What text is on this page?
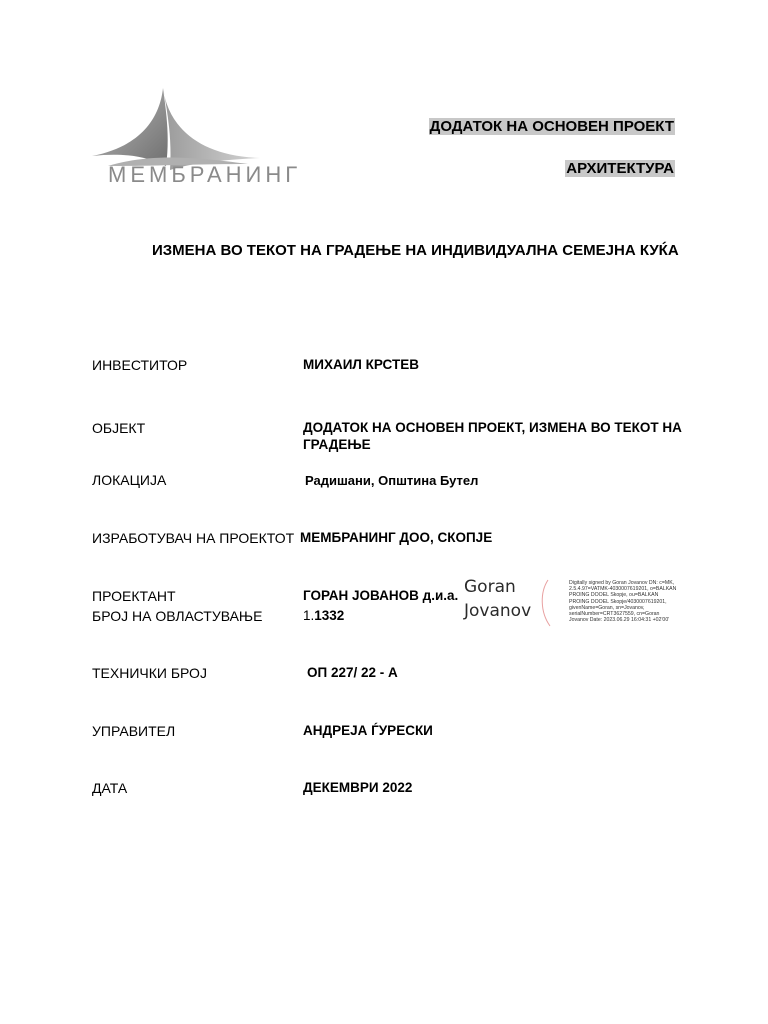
МЕМБРАНИНГ
ДОДАТОК НА ОСНОВЕН ПРОЕКТ
АРХИТЕКТУРА
ИЗМЕНА ВО ТЕКОТ НА ГРАДЕЊЕ НА ИНДИВИДУАЛНА СЕМЕЈНА КУЌА
ИНВЕСТИТОР	МИХАИЛ КРСТЕВ
ОБЈЕКТ	ДОДАТОК НА ОСНОВЕН ПРОЕКТ, ИЗМЕНА ВО ТЕКОТ НА
ГРАДЕЊЕ
ЛОКАЦИЈА	Радишани, Општина Бутел
ИЗРАБОТУВАЧ НА ПРОЕКТОТ МЕМБРАНИНГ ДОО, СКОПЈЕ
ПРОЕКТАНТ	ГОРАН ЈОВАНОВ д.и.а.
БРОЈ НА ОВЛАСТУВАЊЕ	1.1332
ТЕХНИЧКИ БРОЈ	ОП 227/ 22 - А
УПРАВИТЕЛ	АНДРЕЈА ЃУРЕСКИ
ДАТА	ДЕКЕМВРИ 2022
Goran
Jovanov
Digitally signed by Goran Jovanov DN: c=MK, 2.5.4.97=VATMK-4030007619201, o=BALKAN PROING DOOEL Skopje, ou=BALKAN PROING DOOEL Skopje/4030007619201, givenName=Goran, sn=Jovanov, serialNumber=CRT3627559, cn=Goran Jovanov Date: 2023.06.29 16:04:31 +02'00'
